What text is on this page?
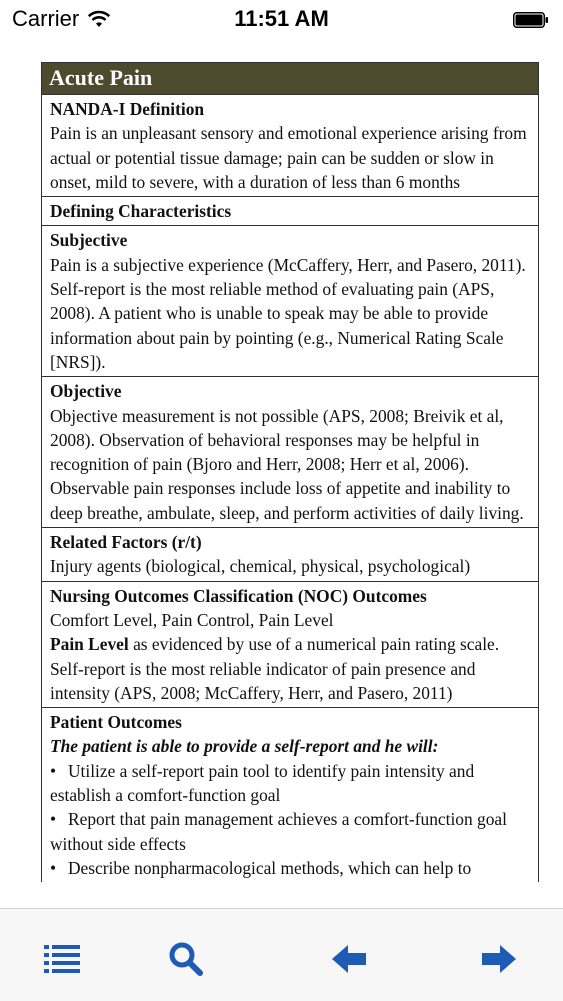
Carrier	11:51 AM
Acute Pain
NANDA-I Definition

Pain is an unpleasant sensory and emotional experience arising from actual or potential tissue damage; pain can be sudden or slow in onset, mild to severe, with a duration of less than 6 months

Defining Characteristics
Subjective

Pain is a subjective experience (McCaffery, Herr, and Pasero, 2011). Self-report is the most reliable method of evaluating pain (APS, 2008). A patient who is unable to speak may be able to provide information about pain by pointing (e.g., Numerical Rating Scale [NRS]).

Objective

Objective measurement is not possible (APS, 2008; Breivik et al, 2008). Observation of behavioral responses may be helpful in recognition of pain (Bjoro and Herr, 2008; Herr et al, 2006). Observable pain responses include loss of appetite and inability to deep breathe, ambulate, sleep, and perform activities of daily living.

Related Factors (r/t)

Injury agents (biological, chemical, physical, psychological)

Nursing Outcomes Classification (NOC) Outcomes

Comfort Level, Pain Control, Pain Level

Pain Level as evidenced by use of a numerical pain rating scale. Self-report is the most reliable indicator of pain presence and intensity (APS, 2008; McCaffery, Herr, and Pasero, 2011)

Patient Outcomes

The patient is able to provide a self-report and he will:

• Utilize a self-report pain tool to identify pain intensity and establish a comfort-function goal
• Report that pain management achieves a comfort-function goal without side effects
• Describe nonpharmacological methods, which can help to
